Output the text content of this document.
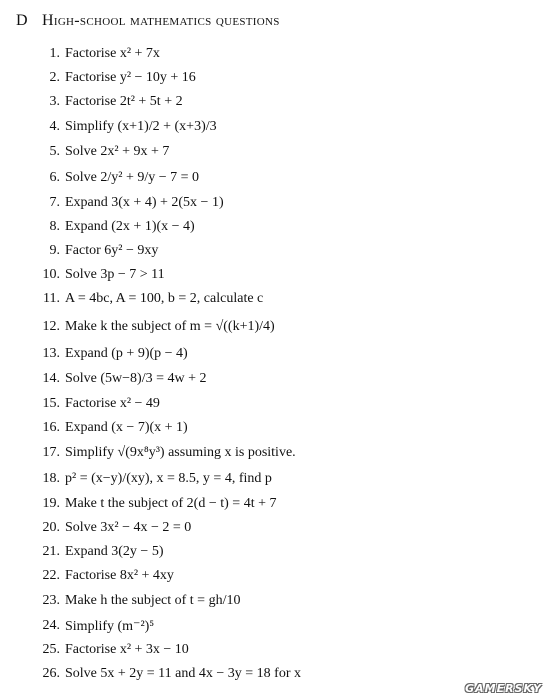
D High-school mathematics questions
1. Factorise x² + 7x
2. Factorise y² − 10y + 16
3. Factorise 2t² + 5t + 2
4. Simplify (x+1)/2 + (x+3)/3
5. Solve 2x² + 9x + 7
6. Solve 2/y² + 9/y − 7 = 0
7. Expand 3(x + 4) + 2(5x − 1)
8. Expand (2x + 1)(x − 4)
9. Factor 6y² − 9xy
10. Solve 3p − 7 > 11
11. A = 4bc, A = 100, b = 2, calculate c
12. Make k the subject of m = √((k+1)/4)
13. Expand (p + 9)(p − 4)
14. Solve (5w−8)/3 = 4w + 2
15. Factorise x² − 49
16. Expand (x − 7)(x + 1)
17. Simplify √(9x⁸y³) assuming x is positive.
18. p² = (x−y)/(xy), x = 8.5, y = 4, find p
19. Make t the subject of 2(d − t) = 4t + 7
20. Solve 3x² − 4x − 2 = 0
21. Expand 3(2y − 5)
22. Factorise 8x² + 4xy
23. Make h the subject of t = gh/10
24. Simplify (m⁻²)⁵
25. Factorise x² + 3x − 10
26. Solve 5x + 2y = 11 and 4x − 3y = 18 for x
GAMERSKY
